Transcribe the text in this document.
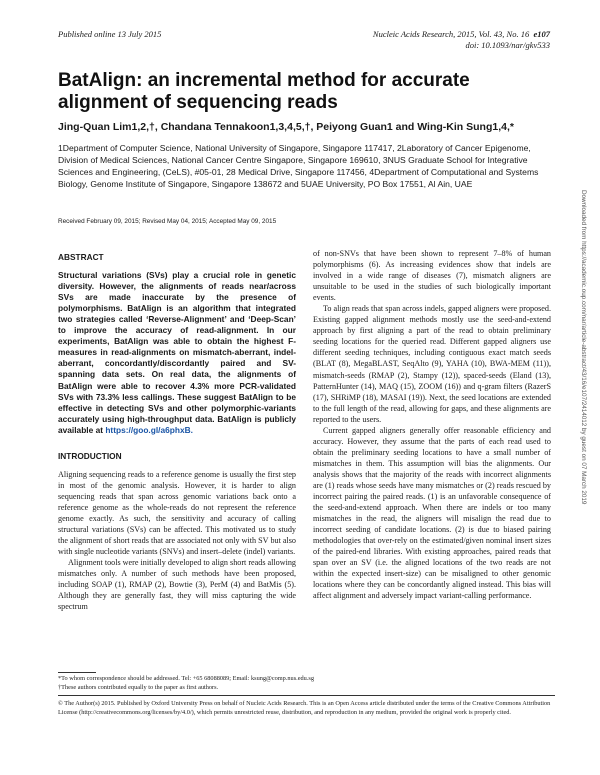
Published online 13 July 2015	Nucleic Acids Research, 2015, Vol. 43, No. 16 e107
doi: 10.1093/nar/gkv533
BatAlign: an incremental method for accurate alignment of sequencing reads
Jing-Quan Lim1,2,†, Chandana Tennakoon1,3,4,5,†, Peiyong Guan1 and Wing-Kin Sung1,4,*
1Department of Computer Science, National University of Singapore, Singapore 117417, 2Laboratory of Cancer Epigenome, Division of Medical Sciences, National Cancer Centre Singapore, Singapore 169610, 3NUS Graduate School for Integrative Sciences and Engineering, (CeLS), #05-01, 28 Medical Drive, Singapore 117456, 4Department of Computational and Systems Biology, Genome Institute of Singapore, Singapore 138672 and 5UAE University, PO Box 17551, Al Ain, UAE
Received February 09, 2015; Revised May 04, 2015; Accepted May 09, 2015
ABSTRACT

Structural variations (SVs) play a crucial role in genetic diversity. However, the alignments of reads near/across SVs are made inaccurate by the presence of polymorphisms. BatAlign is an algorithm that integrated two strategies called ‘Reverse-Alignment’ and ‘Deep-Scan’ to improve the accuracy of read-alignment. In our experiments, BatAlign was able to obtain the highest F-measures in read-alignments on mismatch-aberrant, indel-aberrant, concordantly/discordantly paired and SV-spanning data sets. On real data, the alignments of BatAlign were able to recover 4.3% more PCR-validated SVs with 73.3% less callings. These suggest BatAlign to be effective in detecting SVs and other polymorphic-variants accurately using high-throughput data. BatAlign is publicly available at https://goo.gl/a6phxB.

INTRODUCTION

Aligning sequencing reads to a reference genome is usually the first step in most of the genomic analysis. However, it is harder to align sequencing reads that span across genomic variations back onto a reference genome as the whole-reads do not represent the reference genome exactly. As such, the sensitivity and accuracy of calling structural variations (SVs) can be affected. This motivated us to study the alignment of short reads that are associated not only with SV but also with single nucleotide variants (SNVs) and insert–delete (indel) variants.

Alignment tools were initially developed to align short reads allowing mismatches only. A number of such methods have been proposed, including SOAP (1), RMAP (2), Bowtie (3), PerM (4) and BatMis (5). Although they are generally fast, they will miss capturing the wide spectrum

of non-SNVs that have been shown to represent 7–8% of human polymorphisms (6). As increasing evidences show that indels are involved in a wide range of diseases (7), mismatch aligners are unsuitable to be used in the studies of such biologically important events.

To align reads that span across indels, gapped aligners were proposed. Existing gapped alignment methods mostly use the seed-and-extend approach by first aligning a part of the read to obtain preliminary seeding locations for the queried read. Different gapped aligners use different seeding techniques, including contiguous exact match seeds (BLAT (8), MegaBLAST, SeqAlto (9), YAHA (10), BWA-MEM (11)), mismatch-seeds (RMAP (2), Stampy (12)), spaced-seeds (Eland (13), PatternHunter (14), MAQ (15), ZOOM (16)) and q-gram filters (RazerS (17), SHRiMP (18), MASAI (19)). Next, the seed locations are extended to the full length of the read, allowing for gaps, and these alignments are reported to the users.

Current gapped aligners generally offer reasonable efficiency and accuracy. However, they assume that the parts of each read used to obtain the preliminary seeding locations to have a small number of mismatches in them. This assumption will bias the alignments. Our analysis shows that the majority of the reads with incorrect alignments are (1) reads whose seeds have many mismatches or (2) reads rescued by incorrect pairing the paired reads. (1) is an unfavorable consequence of the seed-and-extend approach. When there are indels or too many mismatches in the read, the aligners will misalign the read due to incorrect seeding of candidate locations. (2) is due to biased pairing methodologies that over-rely on the estimated/given nominal insert sizes of the paired-end libraries. With existing approaches, paired reads that span over an SV (i.e. the aligned locations of the two reads are not within the expected insert-size) can be misaligned to other genomic locations where they can be concordantly aligned instead. This bias will affect alignment and adversely impact variant-calling performance.

*To whom correspondence should be addressed. Tel: +65 68088089; Email: ksung@comp.nus.edu.sg
†These authors contributed equally to the paper as first authors.
© The Author(s) 2015. Published by Oxford University Press on behalf of Nucleic Acids Research. This is an Open Access article distributed under the terms of the Creative Commons Attribution License (http://creativecommons.org/licenses/by/4.0/), which permits unrestricted reuse, distribution, and reproduction in any medium, provided the original work is properly cited.
Downloaded from https://academic.oup.com/nar/article-abstract/43/16/e107/2414012 by guest on 07 March 2019
